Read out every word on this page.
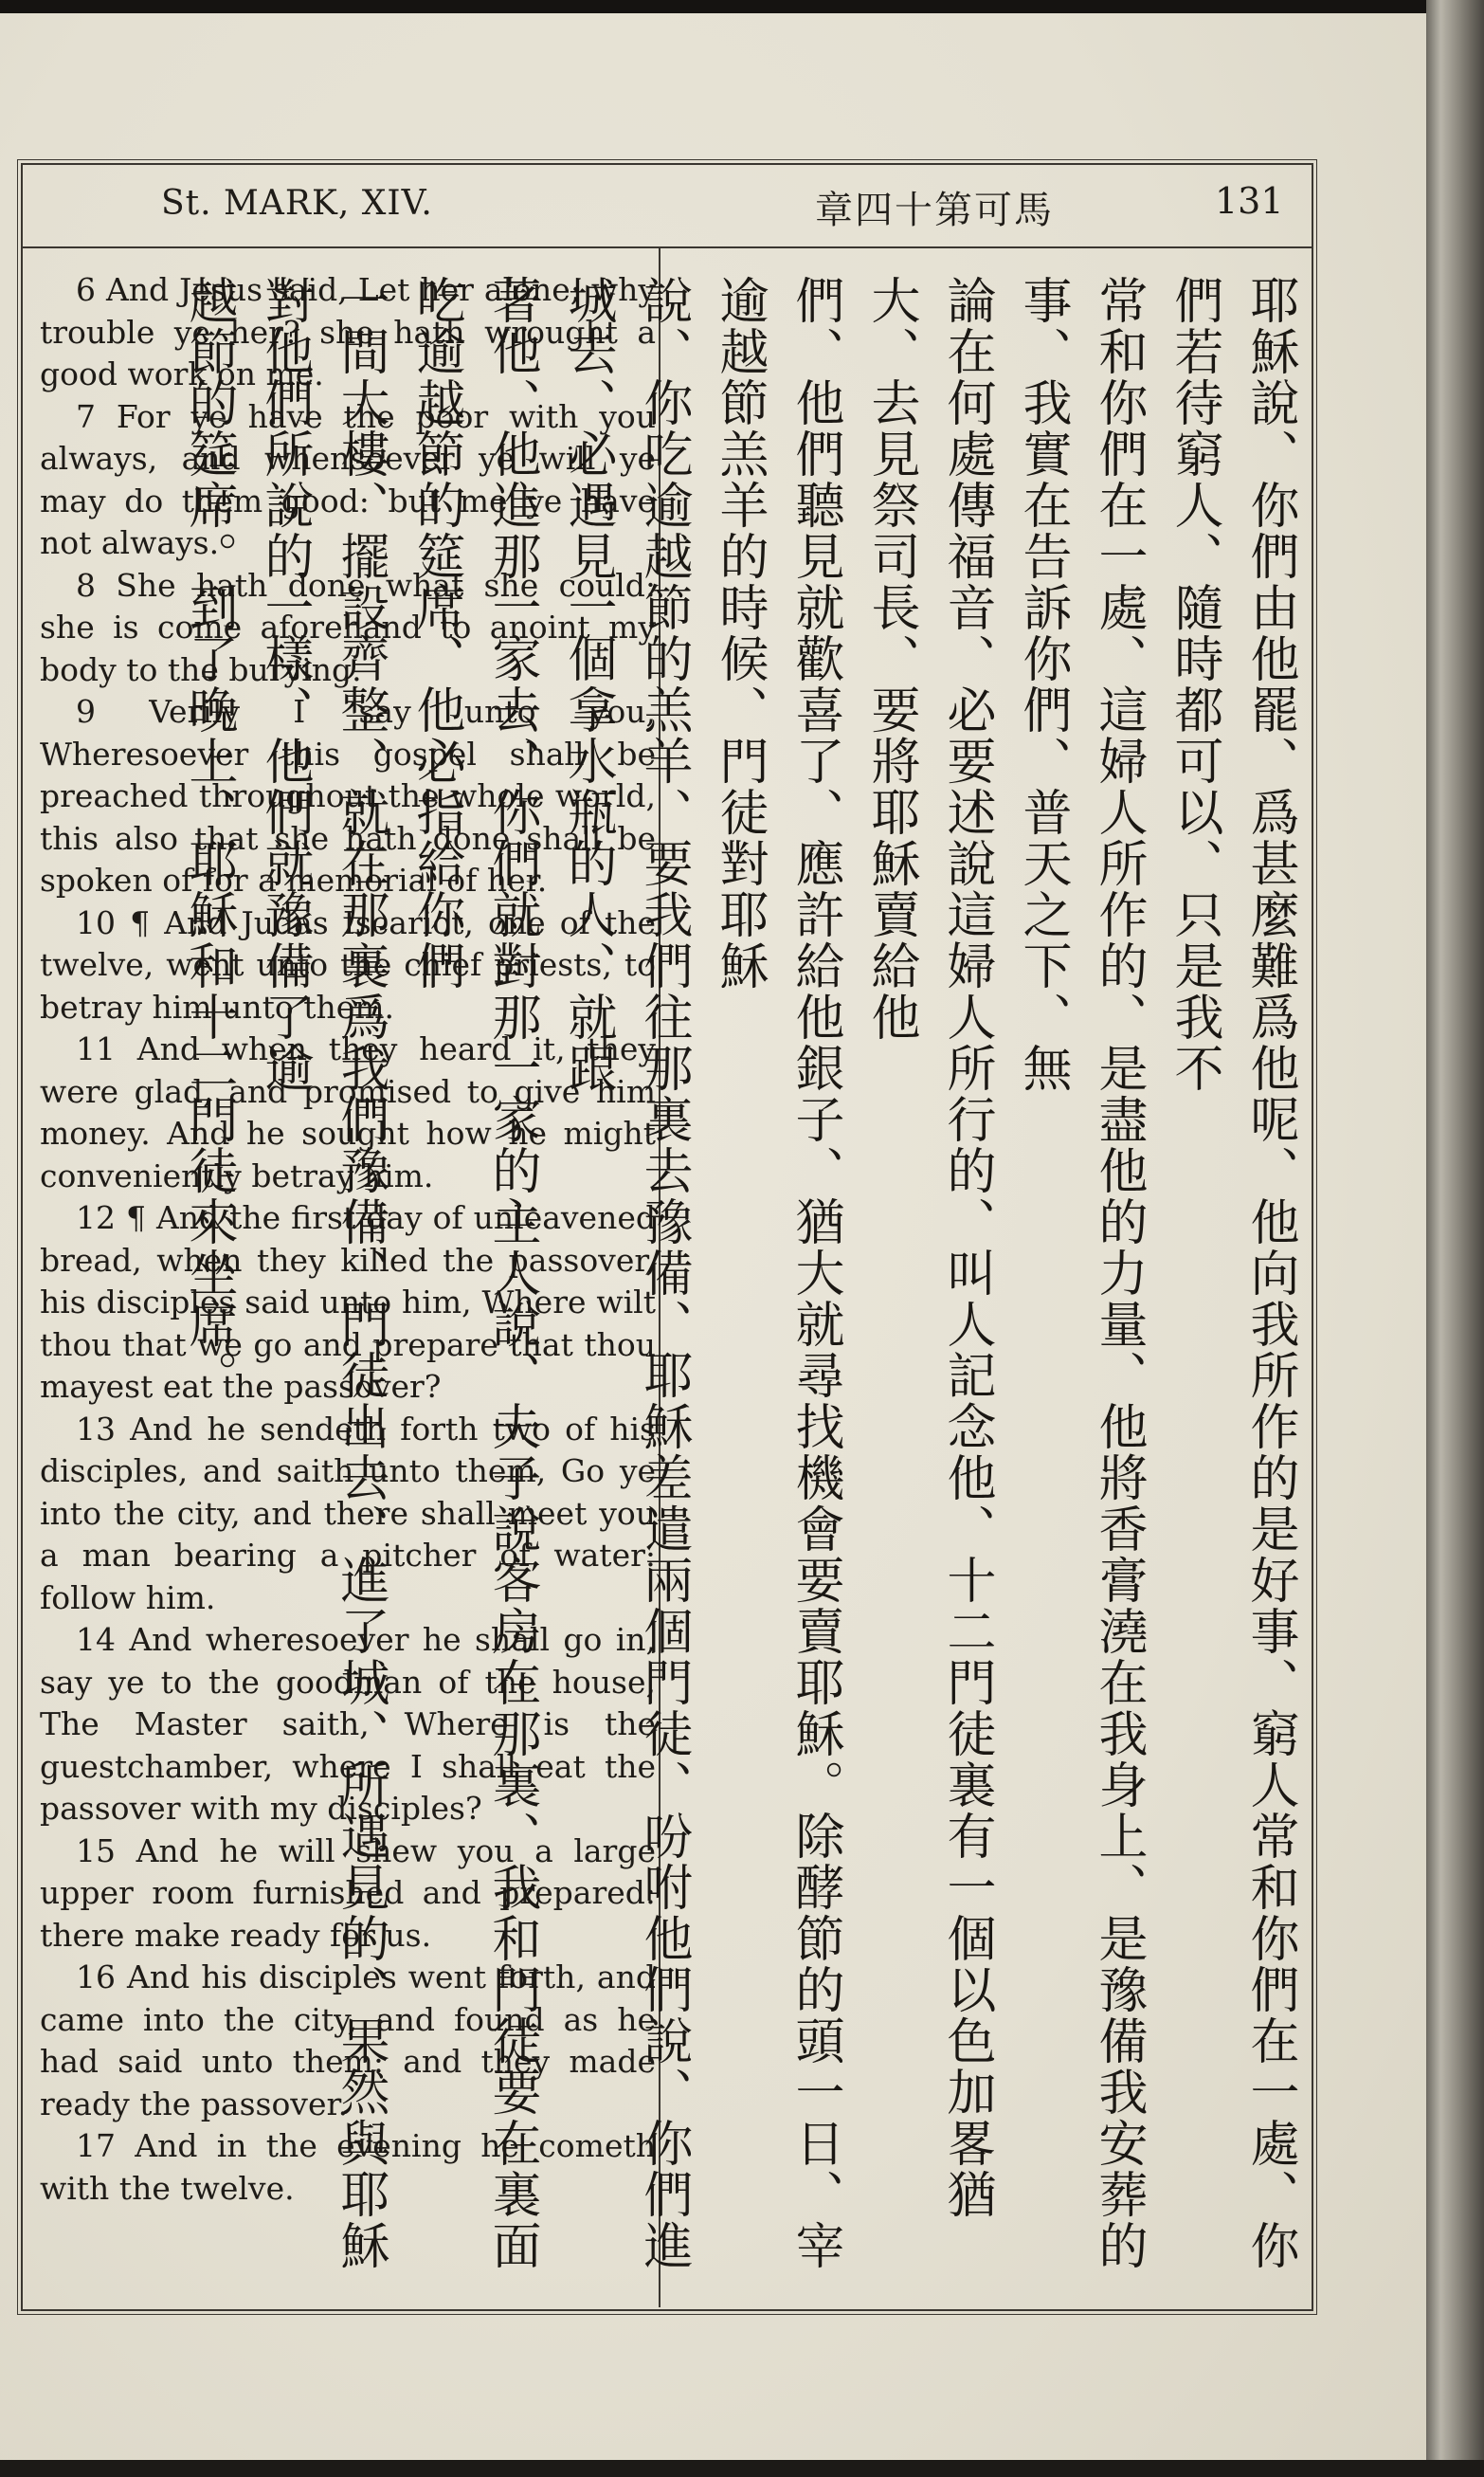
St. MARK, XIV.	章四十第可馬	131

6 And Jesus said, Let her alone; why trouble ye her? she hath wrought a good work on me.

7 For ye have the poor with you always, and whensoever ye will ye may do them good: but me ye have not always.

8 She hath done what she could: she is come aforehand to anoint my body to the burying.

9 Verily I say unto you, Wheresoever this gospel shall be preached throughout the whole world, this also that she hath done shall be spoken of for a memorial of her.

10 ¶ And Judas Iscariot, one of the twelve, went unto the chief priests, to betray him unto them.

11 And when they heard it, they were glad, and promised to give him money. And he sought how he might conveniently betray him.

12 ¶ And the first day of unleavened bread, when they killed the passover, his disciples said unto him, Where wilt thou that we go and prepare that thou mayest eat the passover?

13 And he sendeth forth two of his disciples, and saith unto them, Go ye into the city, and there shall meet you a man bearing a pitcher of water: follow him.

14 And wheresoever he shall go in, say ye to the goodman of the house, The Master saith, Where is the guestchamber, where I shall eat the passover with my disciples?

15 And he will shew you a large upper room furnished and prepared: there make ready for us.

16 And his disciples went forth, and came into the city, and found as he had said unto them: and they made ready the passover.

17 And in the evening he cometh with the twelve.	耶穌說、你們由他罷、爲甚麼難爲他呢、他向我所作的是好事、窮人常和你們在一處、你們若待窮人、隨時都可以、只是我不

常和你們在一處、這婦人所作的、是盡他的力量、他將香膏澆在我身上、是豫備我安葬的事、我實在告訴你們、普天之下、無

論在何處傳福音、必要述說這婦人所行的、叫人記念他、十二門徒裏有一個以色加畧猶大、去見祭司長、要將耶穌賣給他

們、他們聽見就歡喜了、應許給他銀子、猶大就尋找機會要賣耶穌。除酵節的頭一日、宰逾越節羔羊的時候、門徒對耶穌

說、你吃逾越節的羔羊、要我們往那裏去豫備、耶穌差遣兩個門徒、吩咐他們說、你們進城去、必遇見一個拿水瓶的人、就跟

著他、他進那一家去、你們就對那一家的主人說、夫子說客房在那裏、我和門徒要在裏面吃逾越節的筵席、他必指給你們

一間大樓、擺設齊整、就在那裏爲我們豫備、門徒出去、進了城、所遇見的、果然與耶穌對他們所說的一樣、他們就豫備了逾

越節的筵席。到了晚上、耶穌和十二門徒來坐席。
